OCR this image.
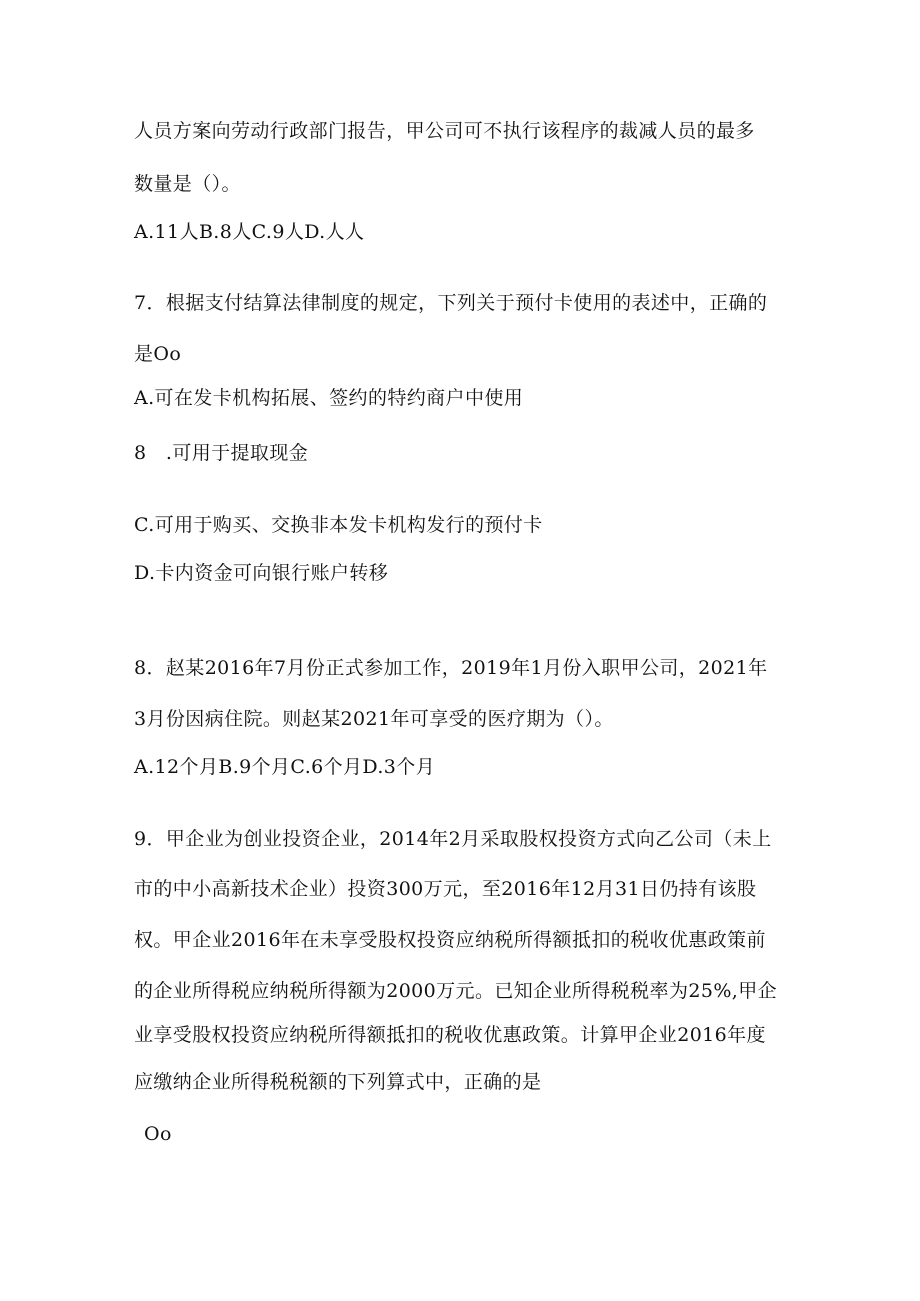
人员方案向劳动行政部门报告，甲公司可不执行该程序的裁减人员的最多
数量是（）。
A.11人B.8人C.9人D.人人
7．根据支付结算法律制度的规定，下列关于预付卡使用的表述中，正确的
是Oo
A.可在发卡机构拓展、签约的特约商户中使用
8　.可用于提取现金
C.可用于购买、交换非本发卡机构发行的预付卡
D.卡内资金可向银行账户转移
8．赵某2016年7月份正式参加工作，2019年1月份入职甲公司，2021年
3月份因病住院。则赵某2021年可享受的医疗期为（）。
A.12个月B.9个月C.6个月D.3个月
9．甲企业为创业投资企业，2014年2月采取股权投资方式向乙公司（未上
市的中小高新技术企业）投资300万元，至2016年12月31日仍持有该股
权。甲企业2016年在未享受股权投资应纳税所得额抵扣的税收优惠政策前
的企业所得税应纳税所得额为2000万元。已知企业所得税税率为25%,甲企
业享受股权投资应纳税所得额抵扣的税收优惠政策。计算甲企业2016年度
应缴纳企业所得税税额的下列算式中，正确的是
Oo
